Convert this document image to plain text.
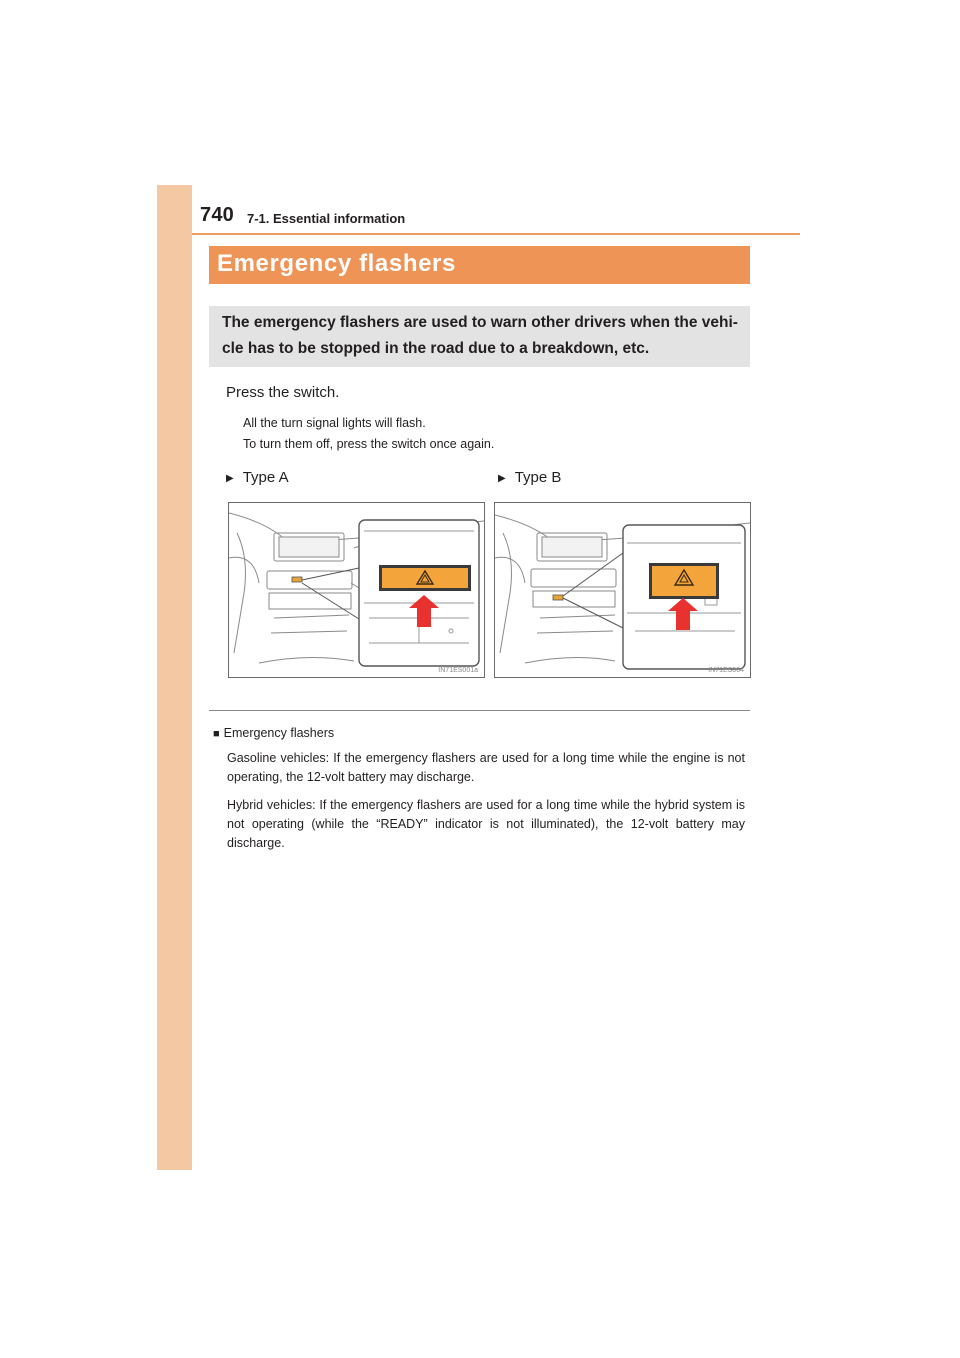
740 7-1. Essential information
Emergency flashers
The emergency flashers are used to warn other drivers when the vehi-
cle has to be stopped in the road due to a breakdown, etc.
Press the switch.
All the turn signal lights will flash.
To turn them off, press the switch once again.
▶ Type A	▶ Type B
IN71ES001a	IN71ES004
■ Emergency flashers
Gasoline vehicles: If the emergency flashers are used for a long time while the engine is not operating, the 12-volt battery may discharge.
Hybrid vehicles: If the emergency flashers are used for a long time while the hybrid system is not operating (while the “READY” indicator is not illuminated), the 12-volt battery may discharge.
